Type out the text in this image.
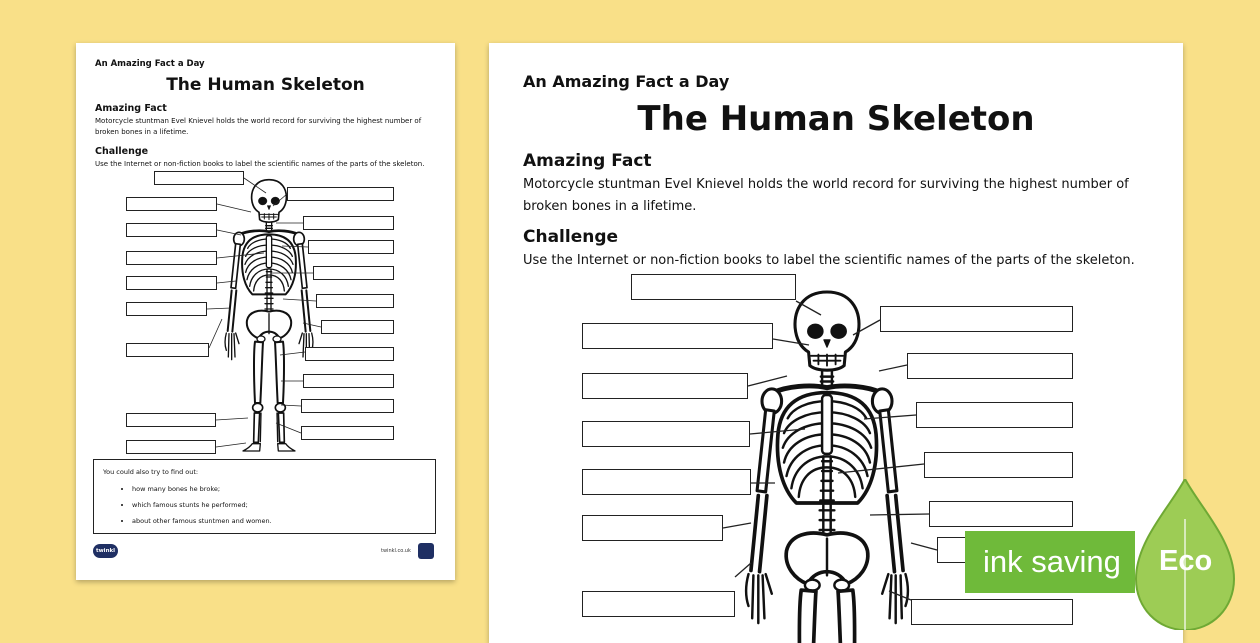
An Amazing Fact a Day
The Human Skeleton
Amazing Fact
Motorcycle stuntman Evel Knievel holds the world record for surviving the highest number of broken bones in a lifetime.
Challenge
Use the Internet or non-fiction books to label the scientific names of the parts of the skeleton.
You could also try to find out:
• how many bones he broke;
• which famous stunts he performed;
• about other famous stuntmen and women.
twinkl	twinkl.co.uk
An Amazing Fact a Day
The Human Skeleton
Amazing Fact
Motorcycle stuntman Evel Knievel holds the world record for surviving the highest number of broken bones in a lifetime.
Challenge
Use the Internet or non-fiction books to label the scientific names of the parts of the skeleton.
ink saving Eco
